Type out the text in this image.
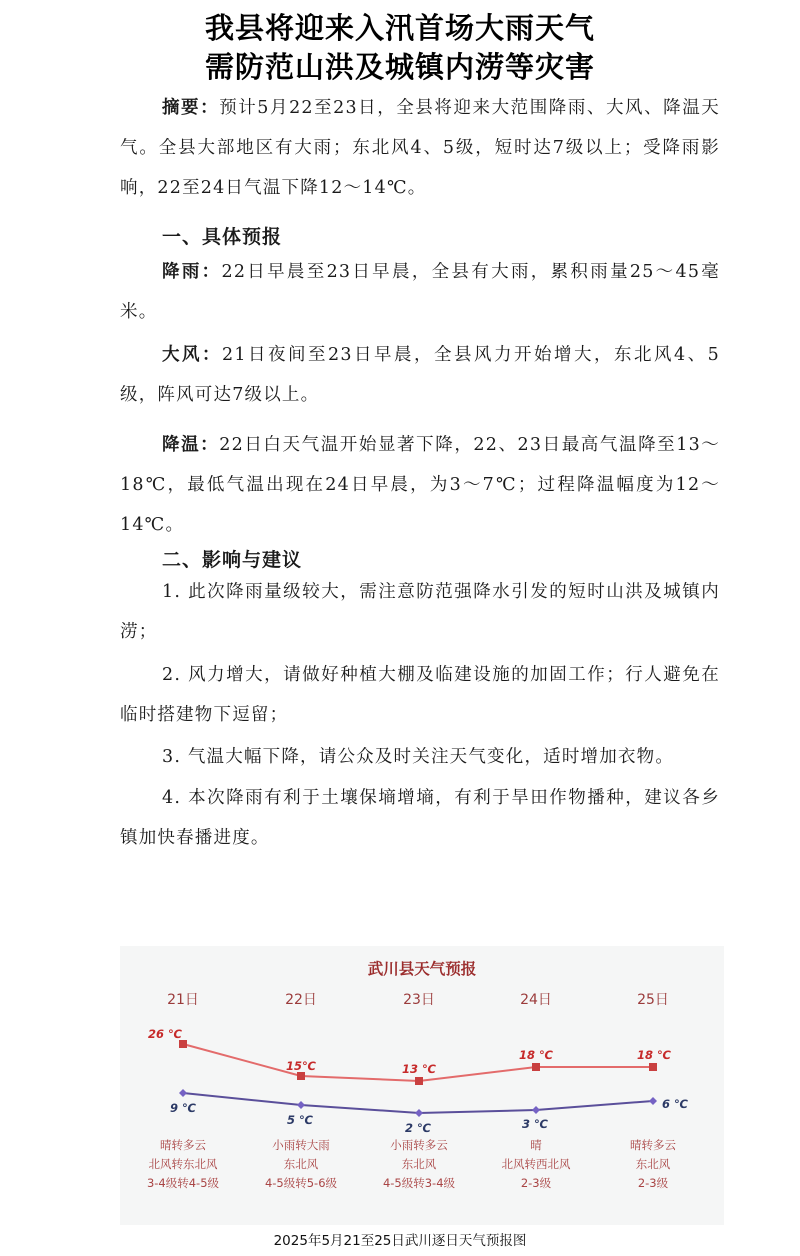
我县将迎来入汛首场大雨天气
需防范山洪及城镇内涝等灾害

摘要：预计5月22至23日，全县将迎来大范围降雨、大风、降温天气。全县大部地区有大雨；东北风4、5级，短时达7级以上；受降雨影响，22至24日气温下降12～14℃。

一、具体预报

降雨：22日早晨至23日早晨，全县有大雨，累积雨量25～45毫米。

大风：21日夜间至23日早晨，全县风力开始增大，东北风4、5级，阵风可达7级以上。

降温：22日白天气温开始显著下降，22、23日最高气温降至13～18℃，最低气温出现在24日早晨，为3～7℃；过程降温幅度为12～14℃。

二、影响与建议

1. 此次降雨量级较大，需注意防范强降水引发的短时山洪及城镇内涝；

2. 风力增大，请做好种植大棚及临建设施的加固工作；行人避免在临时搭建物下逗留；

3. 气温大幅下降，请公众及时关注天气变化，适时增加衣物。

4. 本次降雨有利于土壤保墒增墒，有利于旱田作物播种，建议各乡镇加快春播进度。

武川县天气预报
21日	22日	23日	24日	25日
26 ℃
15℃	13 ℃
18 ℃	18 ℃
9 ℃
5 ℃
2 ℃	3 ℃
6 ℃
晴转多云
北风转东北风
3-4级转4-5级
小雨转大雨
东北风
4-5级转5-6级
小雨转多云
东北风
4-5级转3-4级
晴
北风转西北风
2-3级
晴转多云
东北风
2-3级
2025年5月21至25日武川逐日天气预报图
